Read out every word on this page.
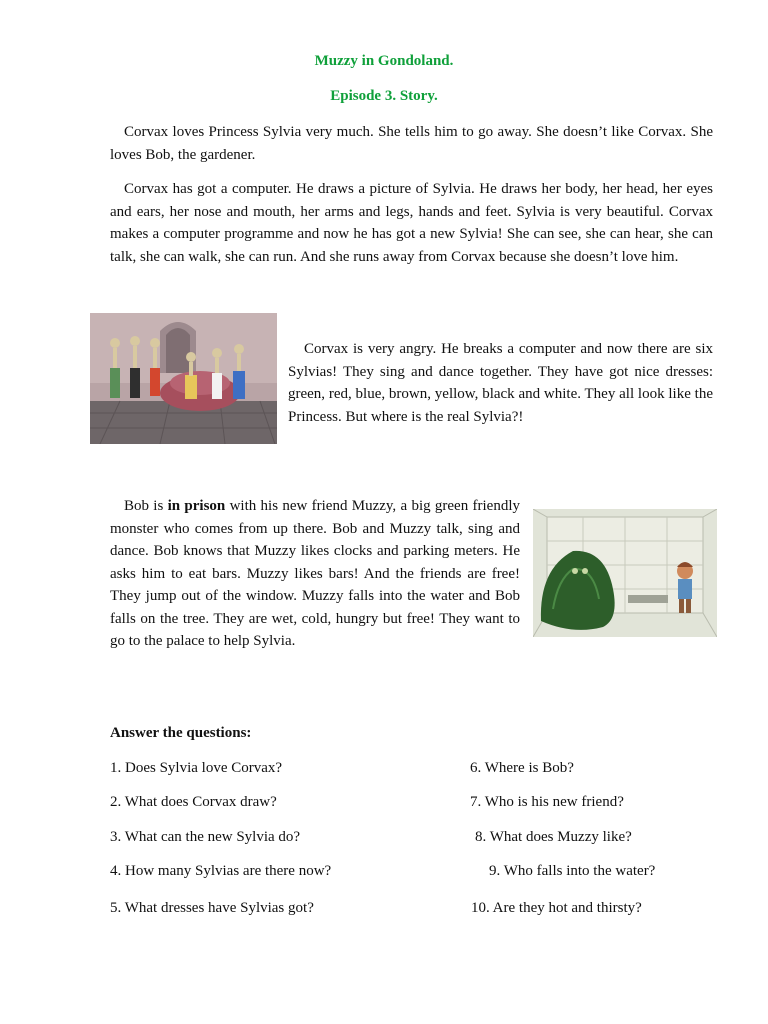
Muzzy in Gondoland.
Episode 3. Story.

Corvax loves Princess Sylvia very much. She tells him to go away. She doesn’t like Corvax. She loves Bob, the gardener.

Corvax has got a computer. He draws a picture of Sylvia. He draws her body, her head, her eyes and ears, her nose and mouth, her arms and legs, hands and feet. Sylvia is very beautiful. Corvax makes a computer programme and now he has got a new Sylvia! She can see, she can hear, she can talk, she can walk, she can run. And she runs away from Corvax because she doesn’t love him.

Corvax is very angry. He breaks a computer and now there are six Sylvias! They sing and dance together. They have got nice dresses: green, red, blue, brown, yellow, black and white. They all look like the Princess. But where is the real Sylvia?!

Bob is in prison with his new friend Muzzy, a big green friendly monster who comes from up there. Bob and Muzzy talk, sing and dance. Bob knows that Muzzy likes clocks and parking meters. He asks him to eat bars. Muzzy likes bars! And the friends are free! They jump out of the window. Muzzy falls into the water and Bob falls on the tree. They are wet, cold, hungry but free! They want to go to the palace to help Sylvia.

Answer the questions:
1. Does Sylvia love Corvax?
2. What does Corvax draw?
3. What can the new Sylvia do?
4. How many Sylvias are there now?
5. What dresses have Sylvias got?
6. Where is Bob?
7. Who is his new friend?
8. What does Muzzy like?
9. Who falls into the water?
10. Are they hot and thirsty?
